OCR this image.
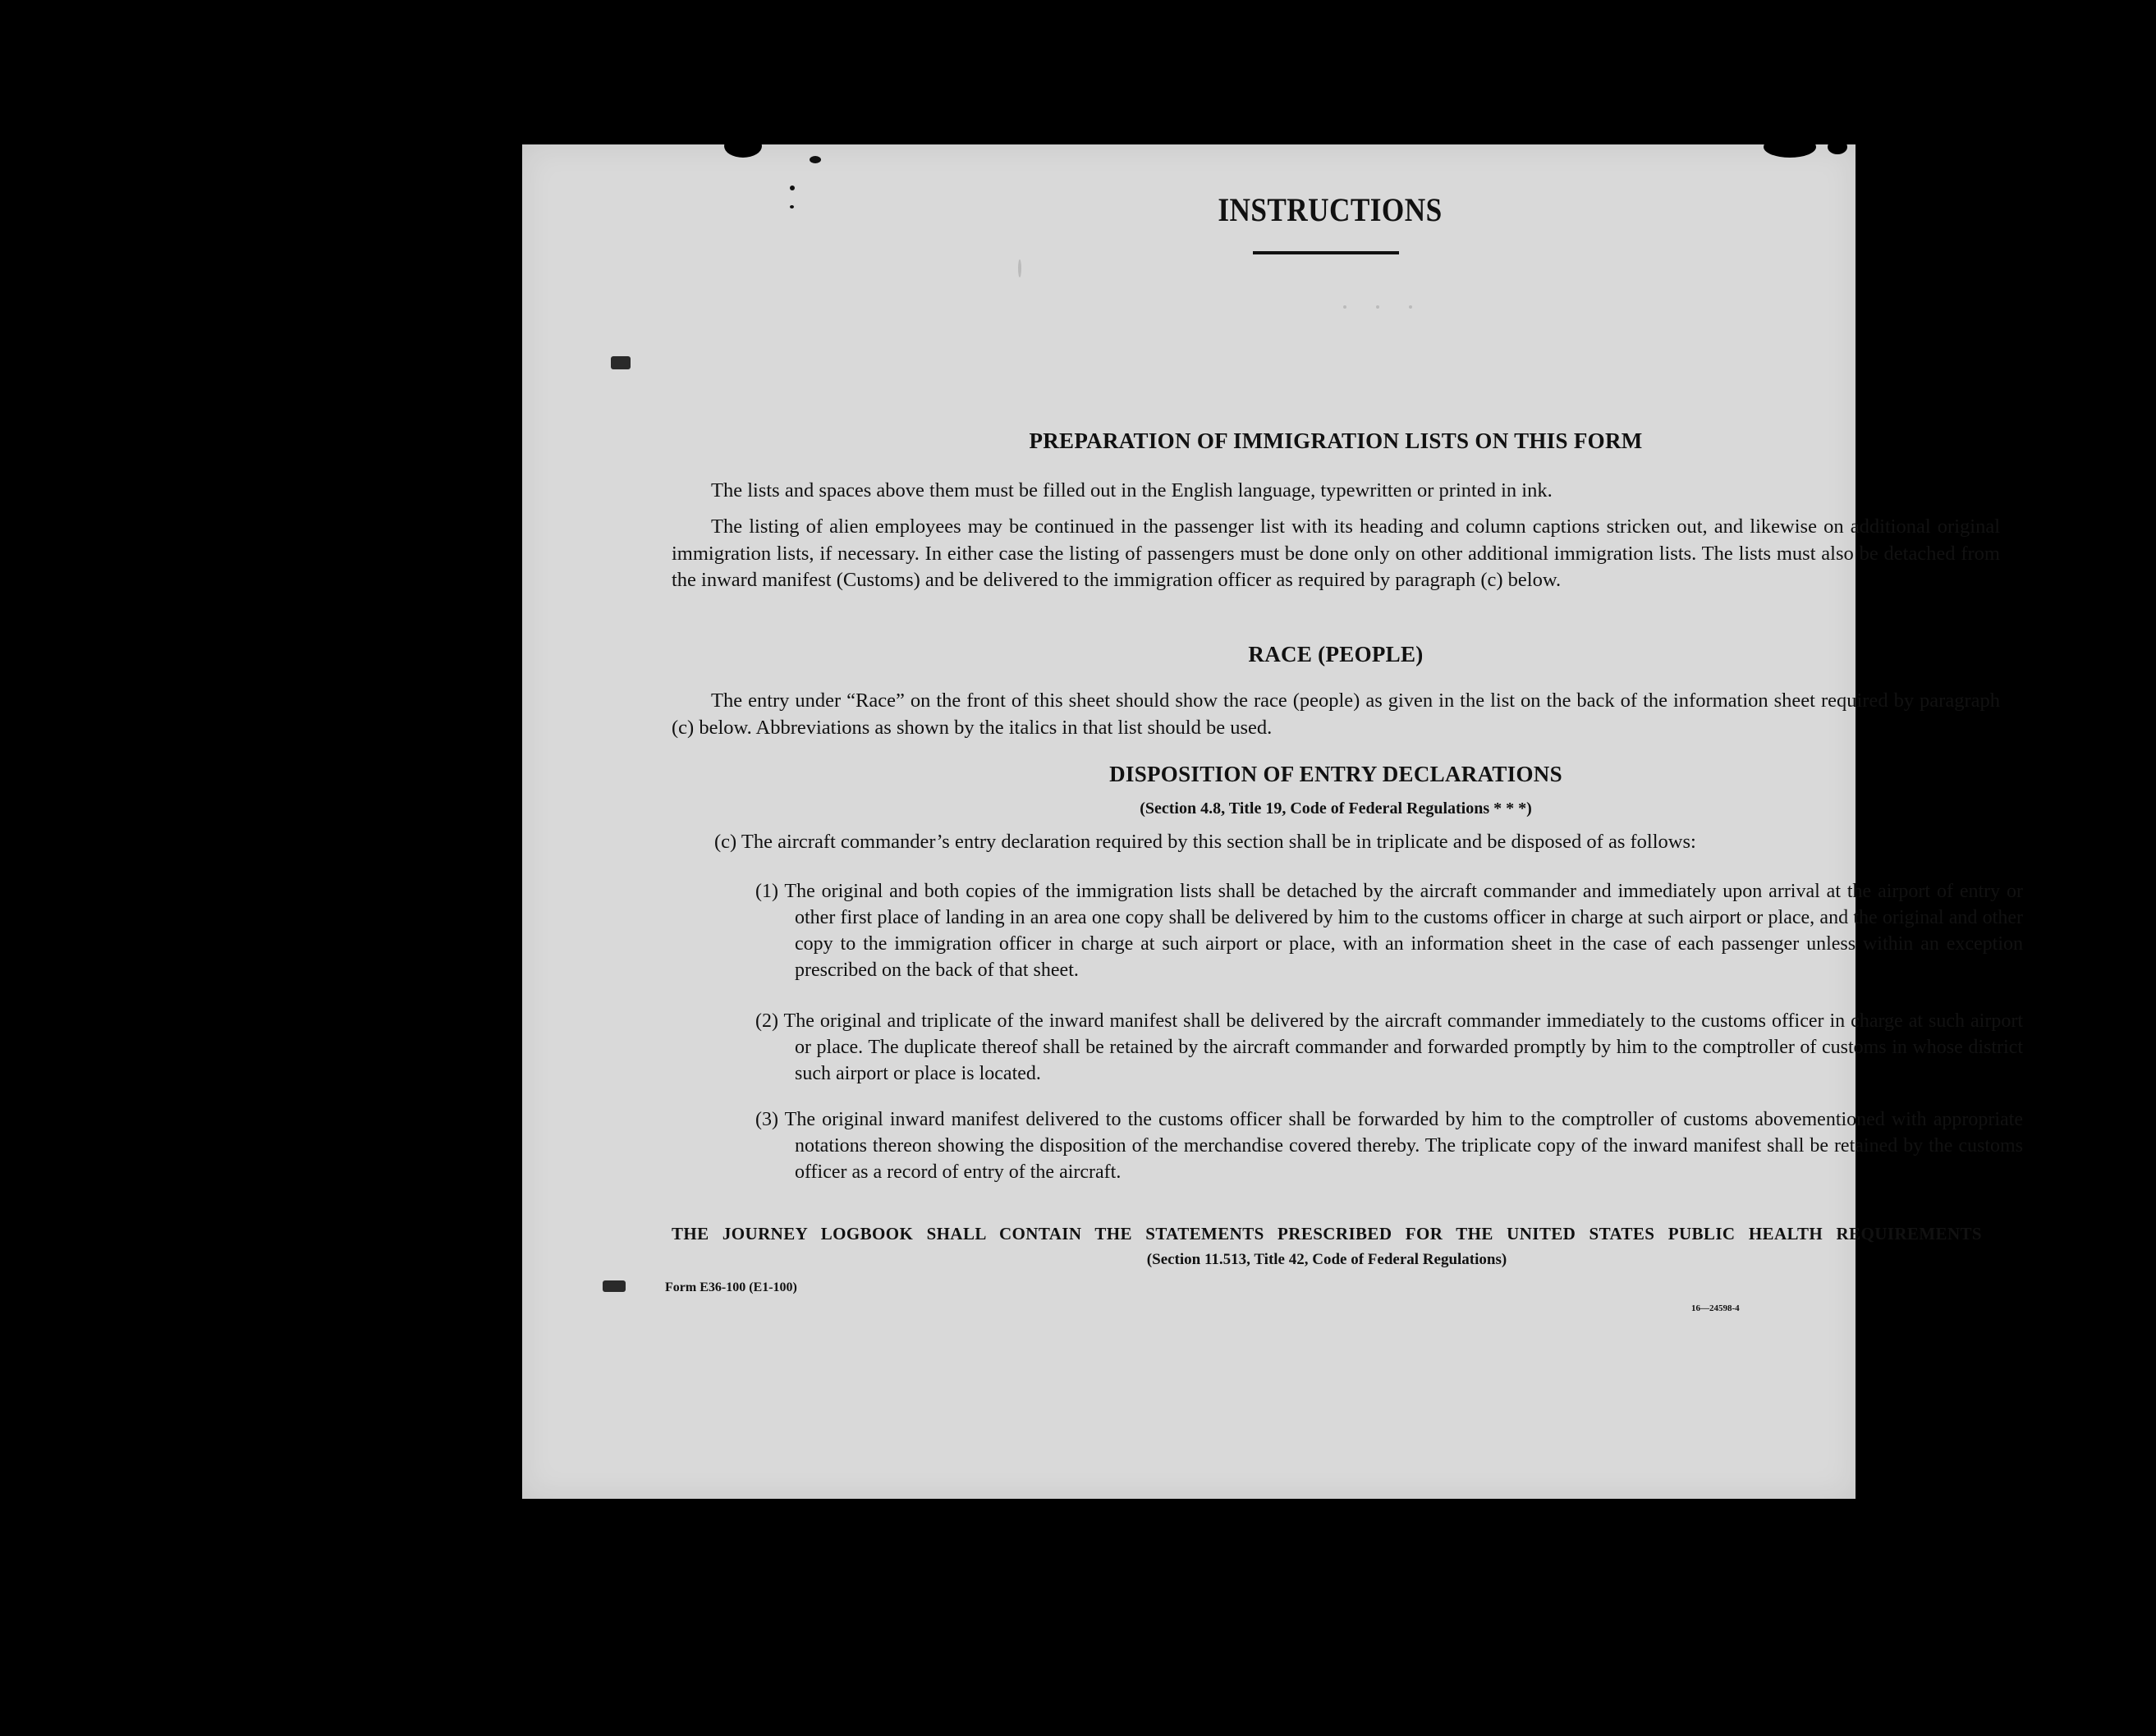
INSTRUCTIONS
PREPARATION OF IMMIGRATION LISTS ON THIS FORM
The lists and spaces above them must be filled out in the English language, typewritten or printed in ink.
The listing of alien employees may be continued in the passenger list with its heading and column captions stricken out, and likewise on additional original immigration lists, if necessary. In either case the listing of passengers must be done only on other additional immigration lists. The lists must also be detached from the inward manifest (Customs) and be delivered to the immigration officer as required by paragraph (c) below.
RACE (PEOPLE)
The entry under “Race” on the front of this sheet should show the race (people) as given in the list on the back of the information sheet required by paragraph (c) below. Abbreviations as shown by the italics in that list should be used.
DISPOSITION OF ENTRY DECLARATIONS
(Section 4.8, Title 19, Code of Federal Regulations * * *)
(c) The aircraft commander’s entry declaration required by this section shall be in triplicate and be disposed of as follows:
(1) The original and both copies of the immigration lists shall be detached by the aircraft commander and immediately upon arrival at the airport of entry or other first place of landing in an area one copy shall be delivered by him to the customs officer in charge at such airport or place, and the original and other copy to the immigration officer in charge at such airport or place, with an information sheet in the case of each passenger unless within an exception prescribed on the back of that sheet.
(2) The original and triplicate of the inward manifest shall be delivered by the aircraft commander immediately to the customs officer in charge at such airport or place. The duplicate thereof shall be retained by the aircraft commander and forwarded promptly by him to the comptroller of customs in whose district such airport or place is located.
(3) The original inward manifest delivered to the customs officer shall be forwarded by him to the comptroller of customs abovementioned with appropriate notations thereon showing the disposition of the merchandise covered thereby. The triplicate copy of the inward manifest shall be retained by the customs officer as a record of entry of the aircraft.
THE JOURNEY LOGBOOK SHALL CONTAIN THE STATEMENTS PRESCRIBED FOR THE UNITED STATES PUBLIC HEALTH REQUIREMENTS
(Section 11.513, Title 42, Code of Federal Regulations)
Form E36-100 (E1-100)
16—24598-4
